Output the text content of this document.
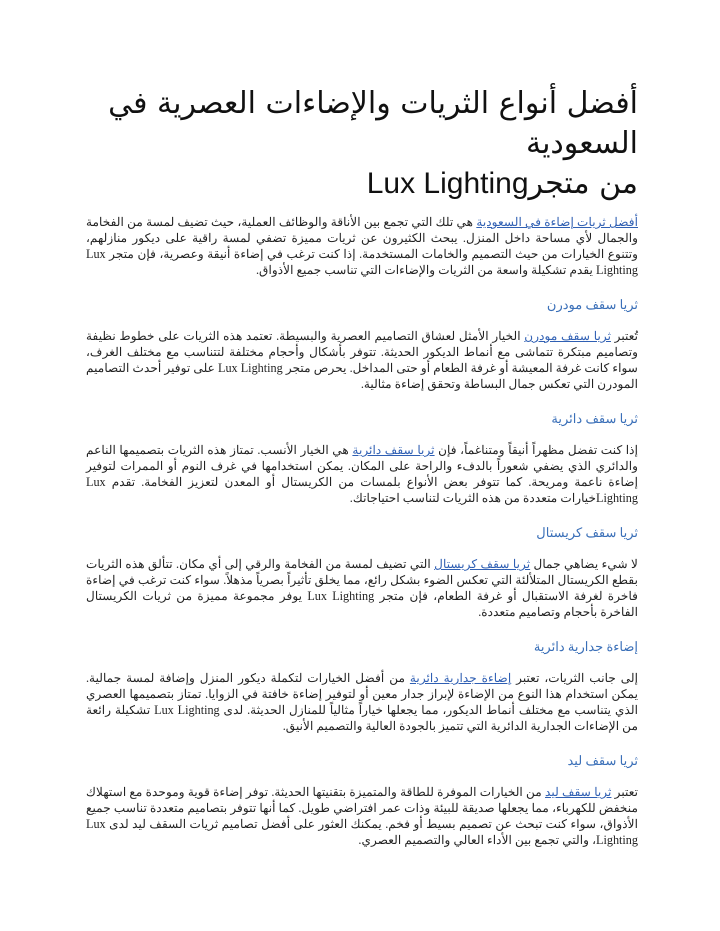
أفضل أنواع الثريات والإضاءات العصرية في السعودية
من متجرLux Lighting

أفضل ثريات إضاءة في السعودية هي تلك التي تجمع بين الأناقة والوظائف العملية، حيث تضيف لمسة من الفخامة والجمال لأي مساحة داخل المنزل. يبحث الكثيرون عن ثريات مميزة تضفي لمسة راقية على ديكور منازلهم، وتتنوع الخيارات من حيث التصميم والخامات المستخدمة. إذا كنت ترغب في إضاءة أنيقة وعصرية، فإن متجر Lux Lighting يقدم تشكيلة واسعة من الثريات والإضاءات التي تناسب جميع الأذواق.

ثريا سقف مودرن

تُعتبر ثريا سقف مودرن الخيار الأمثل لعشاق التصاميم العصرية والبسيطة. تعتمد هذه الثريات على خطوط نظيفة وتصاميم مبتكرة تتماشى مع أنماط الديكور الحديثة. تتوفر بأشكال وأحجام مختلفة لتتناسب مع مختلف الغرف، سواء كانت غرفة المعيشة أو غرفة الطعام أو حتى المداخل. يحرص متجر Lux Lighting على توفير أحدث التصاميم المودرن التي تعكس جمال البساطة وتحقق إضاءة مثالية.

ثريا سقف دائرية

إذا كنت تفضل مظهراً أنيقاً ومتناغماً، فإن ثريا سقف دائرية هي الخيار الأنسب. تمتاز هذه الثريات بتصميمها الناعم والدائري الذي يضفي شعوراً بالدفء والراحة على المكان. يمكن استخدامها في غرف النوم أو الممرات لتوفير إضاءة ناعمة ومريحة. كما تتوفر بعض الأنواع بلمسات من الكريستال أو المعدن لتعزيز الفخامة. تقدم Lux Lightingخيارات متعددة من هذه الثريات لتناسب احتياجاتك.

ثريا سقف كريستال

لا شيء يضاهي جمال ثريا سقف كريستال التي تضيف لمسة من الفخامة والرقي إلى أي مكان. تتألق هذه الثريات بقطع الكريستال المتلألئة التي تعكس الضوء بشكل رائع، مما يخلق تأثيراً بصرياً مذهلاً. سواء كنت ترغب في إضاءة فاخرة لغرفة الاستقبال أو غرفة الطعام، فإن متجر Lux Lighting يوفر مجموعة مميزة من ثريات الكريستال الفاخرة بأحجام وتصاميم متعددة.

إضاءة جدارية دائرية

إلى جانب الثريات، تعتبر إضاءة جدارية دائرية من أفضل الخيارات لتكملة ديكور المنزل وإضافة لمسة جمالية. يمكن استخدام هذا النوع من الإضاءة لإبراز جدار معين أو لتوفير إضاءة خافتة في الزوايا. تمتاز بتصميمها العصري الذي يتناسب مع مختلف أنماط الديكور، مما يجعلها خياراً مثالياً للمنازل الحديثة. لدى Lux Lighting تشكيلة رائعة من الإضاءات الجدارية الدائرية التي تتميز بالجودة العالية والتصميم الأنيق.

ثريا سقف ليد

تعتبر ثريا سقف ليد من الخيارات الموفرة للطاقة والمتميزة بتقنيتها الحديثة. توفر إضاءة قوية وموحدة مع استهلاك منخفض للكهرباء، مما يجعلها صديقة للبيئة وذات عمر افتراضي طويل. كما أنها تتوفر بتصاميم متعددة تناسب جميع الأذواق، سواء كنت تبحث عن تصميم بسيط أو فخم. يمكنك العثور على أفضل تصاميم ثريات السقف ليد لدى Lux Lighting، والتي تجمع بين الأداء العالي والتصميم العصري.
